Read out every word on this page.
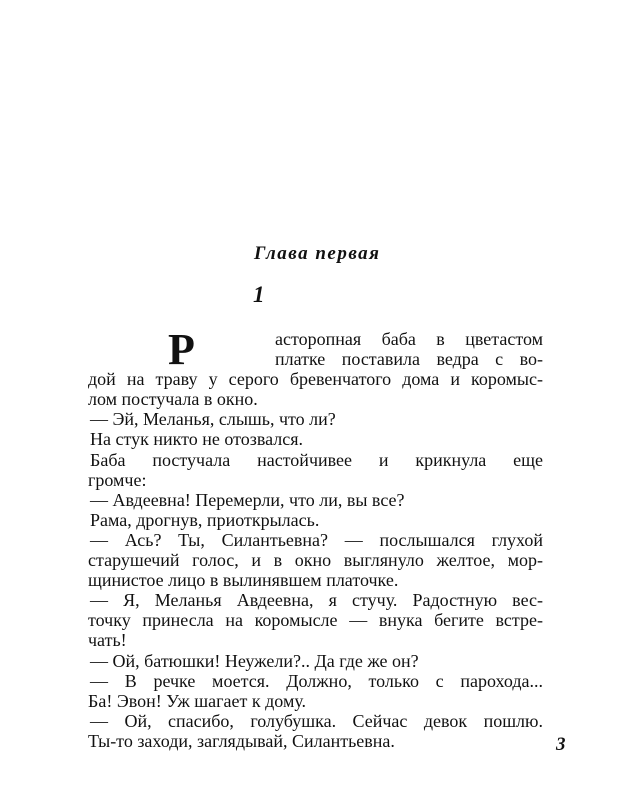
Глава первая
1
Р	асторопная баба в цветастом
платке поставила ведра с во-
дой на траву у серого бревенчатого дома и коромыс-
лом постучала в окно.
— Эй, Меланья, слышь, что ли?
На стук никто не отозвался.
Баба постучала настойчивее и крикнула еще
громче:
— Авдеевна! Перемерли, что ли, вы все?
Рама, дрогнув, приоткрылась.
— Ась? Ты, Силантьевна? — послышался глухой
старушечий голос, и в окно выглянуло желтое, мор-
щинистое лицо в вылинявшем платочке.
— Я, Меланья Авдеевна, я стучу. Радостную вес-
точку принесла на коромысле — внука бегите встре-
чать!
— Ой, батюшки! Неужели?.. Да где же он?
— В речке моется. Должно, только с парохода...
Ба! Эвон! Уж шагает к дому.
— Ой, спасибо, голубушка. Сейчас девок пошлю.
Ты-то заходи, заглядывай, Силантьевна.	3
